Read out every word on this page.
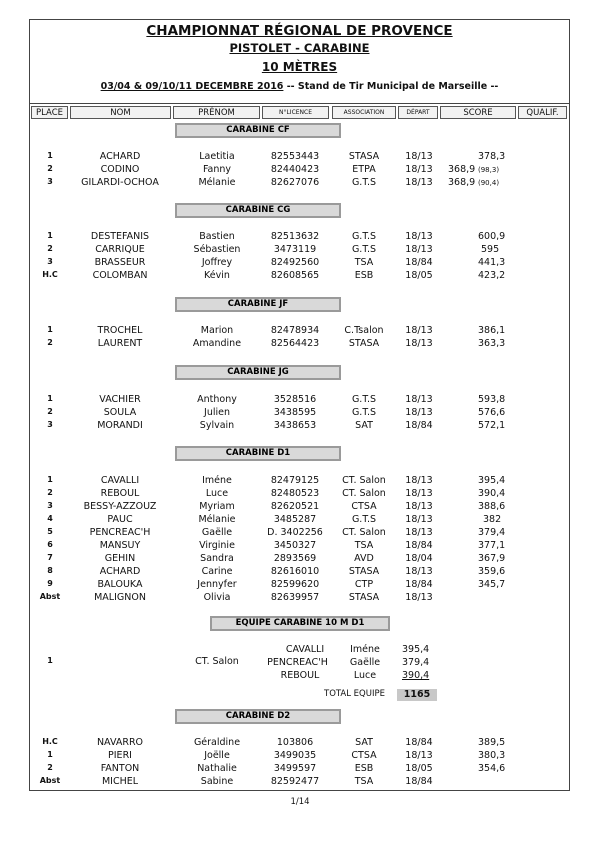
CHAMPIONNAT RÉGIONAL DE PROVENCE
PISTOLET - CARABINE
10 MÈTRES
03/04 & 09/10/11 DECEMBRE 2016 -- Stand de Tir Municipal de Marseille --
PLACE	NOM	PRÉNOM	N°LICENCE	ASSOCIATION	DÉPART	SCORE	QUALIF.
CARABINE CF
1	ACHARD	Laetitia	82553443	STASA	18/13	378,3
2	CODINO	Fanny	82440423	ETPA	18/13	368,9 (98,3)
3	GILARDI-OCHOA	Mélanie	82627076	G.T.S	18/13	368,9 (90,4)
CARABINE CG
1	DESTEFANIS	Bastien	82513632	G.T.S	18/13	600,9
2	CARRIQUE	Sébastien	3473119	G.T.S	18/13	595
3	BRASSEUR	Joffrey	82492560	TSA	18/84	441,3
H.C	COLOMBAN	Kévin	82608565	ESB	18/05	423,2
CARABINE JF
1	TROCHEL	Marion	82478934	C.Tsalon	18/13	386,1
2	LAURENT	Amandine	82564423	STASA	18/13	363,3
CARABINE JG
1	VACHIER	Anthony	3528516	G.T.S	18/13	593,8
2	SOULA	Julien	3438595	G.T.S	18/13	576,6
3	MORANDI	Sylvain	3438653	SAT	18/84	572,1
CARABINE D1
1	CAVALLI	Iméne	82479125	CT. Salon	18/13	395,4
2	REBOUL	Luce	82480523	CT. Salon	18/13	390,4
3	BESSY-AZZOUZ	Myriam	82620521	CTSA	18/13	388,6
4	PAUC	Mélanie	3485287	G.T.S	18/13	382
5	PENCREAC'H	Gaëlle	D. 3402256	CT. Salon	18/13	379,4
6	MANSUY	Virginie	3450327	TSA	18/84	377,1
7	GEHIN	Sandra	2893569	AVD	18/04	367,9
8	ACHARD	Carine	82616010	STASA	18/13	359,6
9	BALOUKA	Jennyfer	82599620	CTP	18/84	345,7
Abst	MALIGNON	Olivia	82639957	STASA	18/13
EQUIPE CARABINE 10 M D1
1	CT. Salon
CAVALLI	Iméne	395,4
PENCREAC'H	Gaëlle	379,4
REBOUL	Luce	390,4
TOTAL EQUIPE	1165
CARABINE D2
H.C	NAVARRO	Géraldine	103806	SAT	18/84	389,5
1	PIERI	Joëlle	3499035	CTSA	18/13	380,3
2	FANTON	Nathalie	3499597	ESB	18/05	354,6
Abst	MICHEL	Sabine	82592477	TSA	18/84
1/14
